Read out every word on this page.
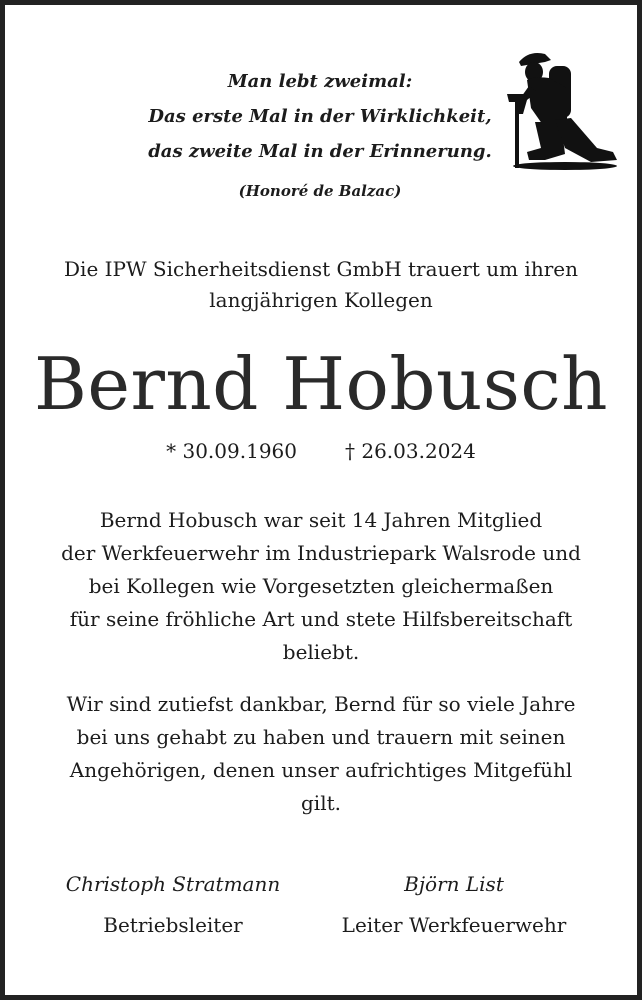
Man lebt zweimal:
Das erste Mal in der Wirklichkeit,
das zweite Mal in der Erinnerung.
(Honoré de Balzac)
Die IPW Sicherheitsdienst GmbH trauert um ihren
langjährigen Kollegen
Bernd Hobusch
* 30.09.1960 † 26.03.2024
Bernd Hobusch war seit 14 Jahren Mitglied
der Werkfeuerwehr im Industriepark Walsrode und
bei Kollegen wie Vorgesetzten gleichermaßen
für seine fröhliche Art und stete Hilfsbereitschaft
beliebt.
Wir sind zutiefst dankbar, Bernd für so viele Jahre
bei uns gehabt zu haben und trauern mit seinen
Angehörigen, denen unser aufrichtiges Mitgefühl
gilt.
Christoph Stratmann
Betriebsleiter
Björn List
Leiter Werkfeuerwehr
